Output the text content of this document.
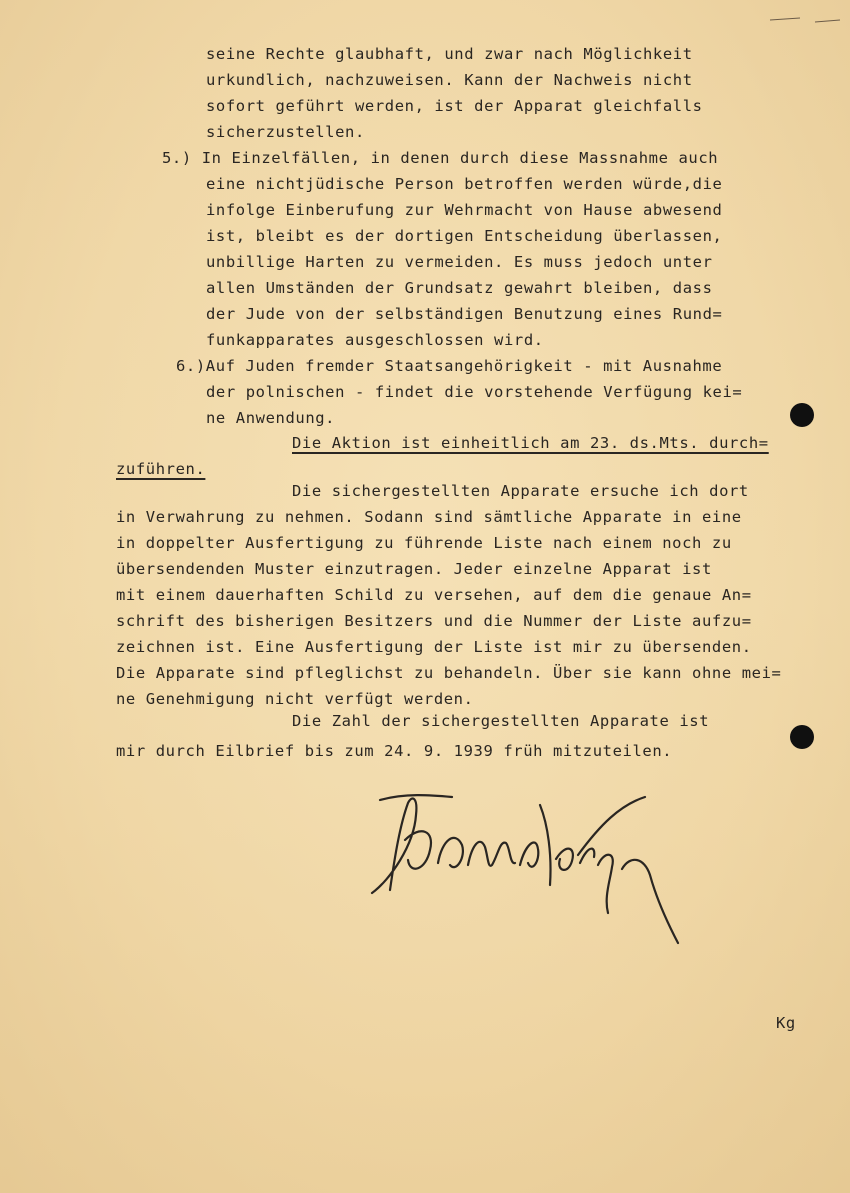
seine Rechte glaubhaft, und zwar nach Möglichkeit
urkundlich, nachzuweisen. Kann der Nachweis nicht
sofort geführt werden, ist der Apparat gleichfalls
sicherzustellen.
5.) In Einzelfällen, in denen durch diese Massnahme auch
eine nichtjüdische Person betroffen werden würde,die
infolge Einberufung zur Wehrmacht von Hause abwesend
ist, bleibt es der dortigen Entscheidung überlassen,
unbillige Harten zu vermeiden. Es muss jedoch unter
allen Umständen der Grundsatz gewahrt bleiben, dass
der Jude von der selbständigen Benutzung eines Rund=
funkapparates ausgeschlossen wird.
6.)Auf Juden fremder Staatsangehörigkeit - mit Ausnahme
der polnischen - findet die vorstehende Verfügung kei=
ne Anwendung.
Die Aktion ist einheitlich am 23. ds.Mts. durch=
zuführen.
Die sichergestellten Apparate ersuche ich dort
in Verwahrung zu nehmen. Sodann sind sämtliche Apparate in eine
in doppelter Ausfertigung zu führende Liste nach einem noch zu
übersendenden Muster einzutragen. Jeder einzelne Apparat ist
mit einem dauerhaften Schild zu versehen, auf dem die genaue An=
schrift des bisherigen Besitzers und die Nummer der Liste aufzu=
zeichnen ist. Eine Ausfertigung der Liste ist mir zu übersenden.
Die Apparate sind pfleglichst zu behandeln. Über sie kann ohne mei=
ne Genehmigung nicht verfügt werden.
Die Zahl der sichergestellten Apparate ist
mir durch Eilbrief bis zum 24. 9. 1939 früh mitzuteilen.
Kg
